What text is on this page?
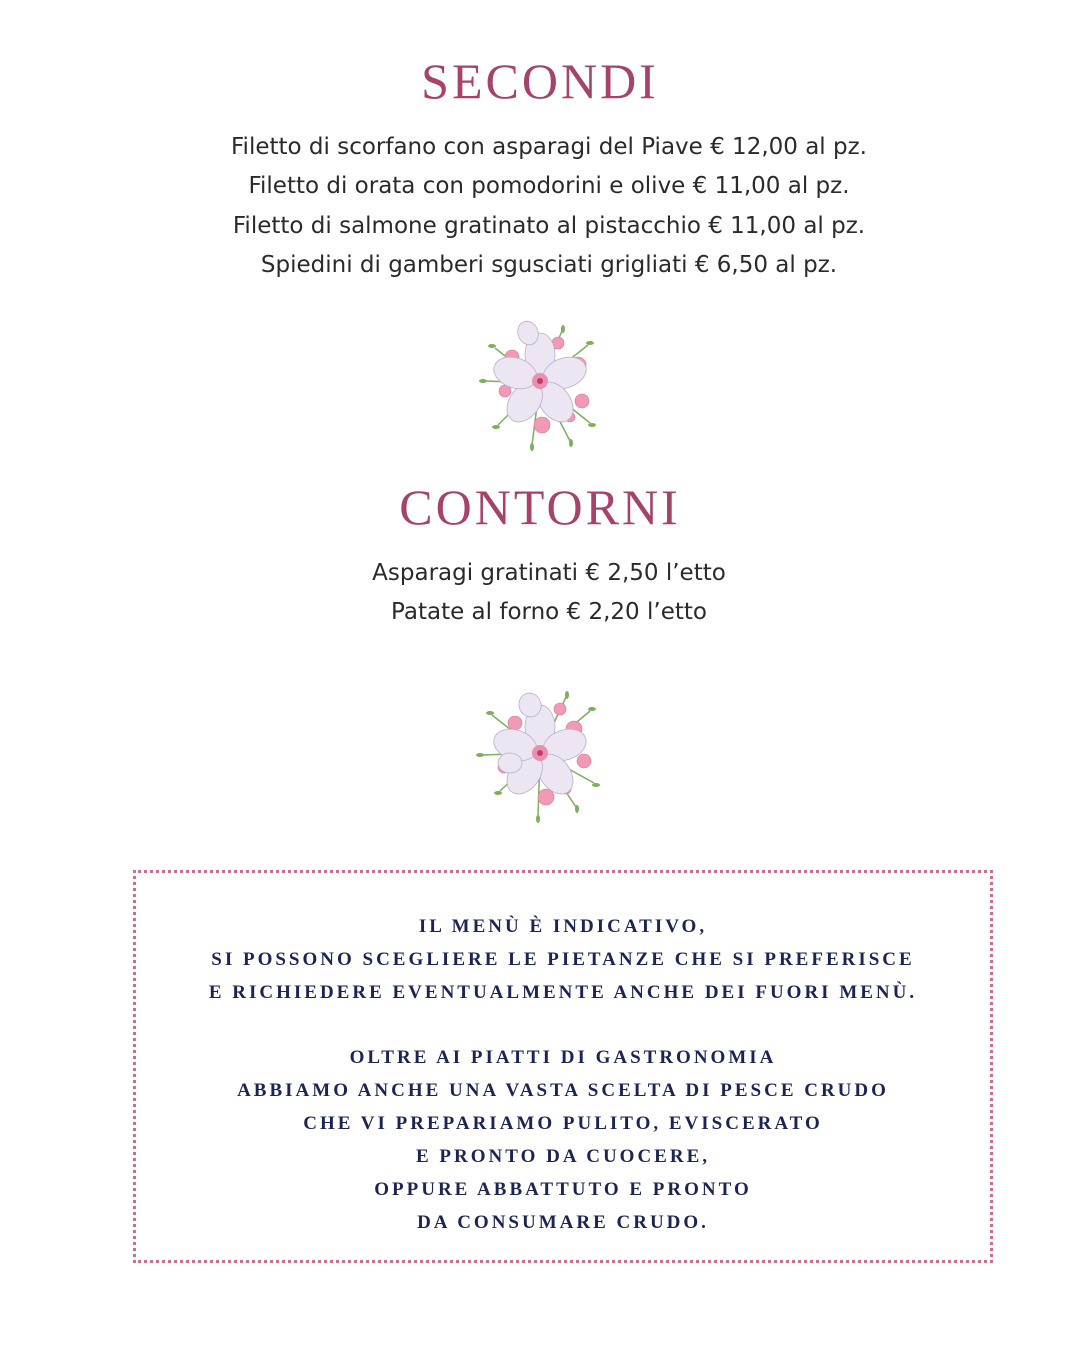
SECONDI
Filetto di scorfano con asparagi del Piave € 12,00 al pz.
Filetto di orata con pomodorini e olive € 11,00 al pz.
Filetto di salmone gratinato al pistacchio € 11,00 al pz.
Spiedini di gamberi sgusciati grigliati € 6,50 al pz.
CONTORNI
Asparagi gratinati € 2,50 l’etto
Patate al forno € 2,20 l’etto
IL MENÙ È INDICATIVO,
SI POSSONO SCEGLIERE LE PIETANZE CHE SI PREFERISCE
E RICHIEDERE EVENTUALMENTE ANCHE DEI FUORI MENÙ.
OLTRE AI PIATTI DI GASTRONOMIA
ABBIAMO ANCHE UNA VASTA SCELTA DI PESCE CRUDO
CHE VI PREPARIAMO PULITO, EVISCERATO
E PRONTO DA CUOCERE,
OPPURE ABBATTUTO E PRONTO
DA CONSUMARE CRUDO.
